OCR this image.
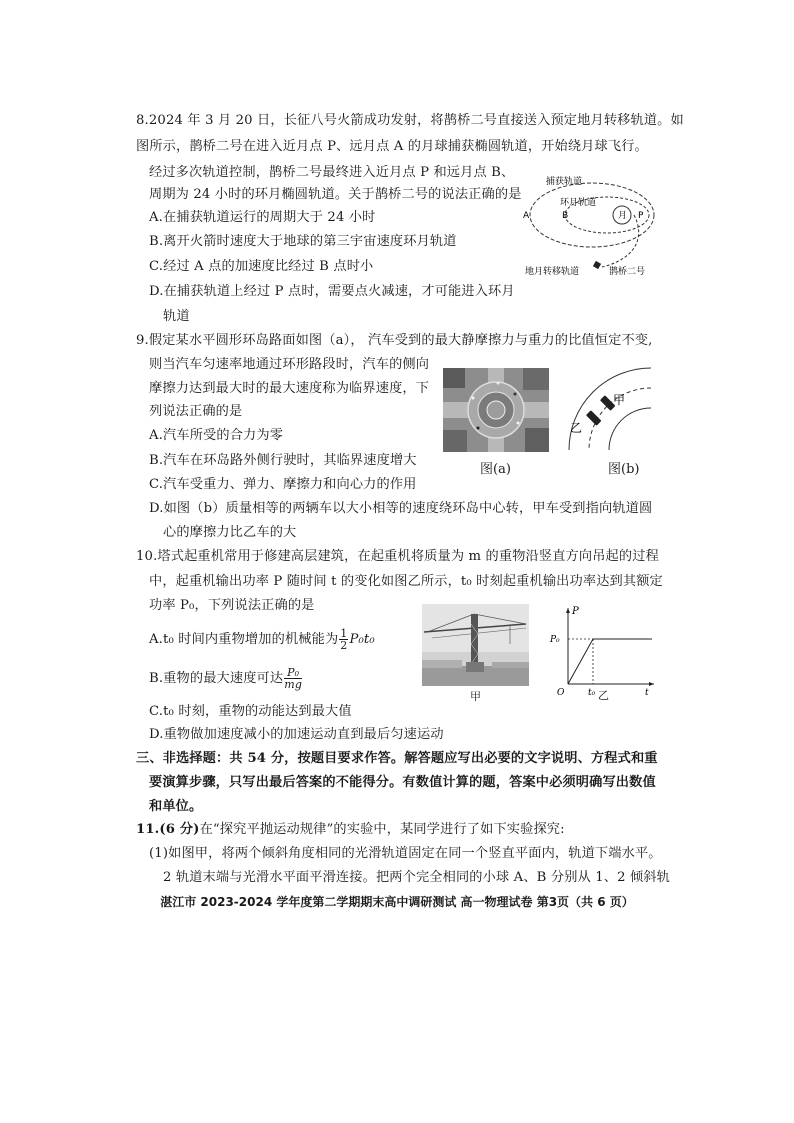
8.2024 年 3 月 20 日，长征八号火箭成功发射，将鹊桥二号直接送入预定地月转移轨道。如
图所示，鹊桥二号在进入近月点 P、远月点 A 的月球捕获椭圆轨道，开始绕月球飞行。
经过多次轨道控制，鹊桥二号最终进入近月点 P 和远月点 B、
周期为 24 小时的环月椭圆轨道。关于鹊桥二号的说法正确的是
A.在捕获轨道运行的周期大于 24 小时
B.离开火箭时速度大于地球的第三宇宙速度环月轨道
C.经过 A 点的加速度比经过 B 点时小
D.在捕获轨道上经过 P 点时，需要点火减速，才可能进入环月
轨道
捕获轨道
环月轨道
月
A	B	P
地月转移轨道	鹊桥二号
9.假定某水平圆形环岛路面如图（a）， 汽车受到的最大静摩擦力与重力的比值恒定不变,
则当汽车匀速率地通过环形路段时，汽车的侧向
摩擦力达到最大时的最大速度称为临界速度，下
列说法正确的是
A.汽车所受的合力为零
B.汽车在环岛路外侧行驶时，其临界速度增大
C.汽车受重力、弹力、摩擦力和向心力的作用
D.如图（b）质量相等的两辆车以大小相等的速度绕环岛中心转，甲车受到指向轨道圆
心的摩擦力比乙车的大
图(a)
甲
乙
图(b)
10.塔式起重机常用于修建高层建筑，在起重机将质量为 m 的重物沿竖直方向吊起的过程
中，起重机输出功率 P 随时间 t 的变化如图乙所示，t₀ 时刻起重机输出功率达到其额定
功率 P₀，下列说法正确的是
A.t₀ 时间内重物增加的机械能为 $\frac{1}{2} P_0t_0$
B.重物的最大速度可达 $\frac{\text{P₀}}{mg}$
C.t₀ 时刻，重物的动能达到最大值
D.重物做加速度减小的加速运动直到最后匀速运动
甲
P
P₀
O	t₀	t
乙
三、非选择题：共 54 分，按题目要求作答。解答题应写出必要的文字说明、方程式和重
要演算步骤，只写出最后答案的不能得分。有数值计算的题，答案中必须明确写出数值
和单位。
11.(6 分)在“探究平抛运动规律”的实验中，某同学进行了如下实验探究:
(1)如图甲，将两个倾斜角度相同的光滑轨道固定在同一个竖直平面内，轨道下端水平。
2 轨道末端与光滑水平面平滑连接。把两个完全相同的小球 A、B 分别从 1、2 倾斜轨
湛江市 2023-2024 学年度第二学期期末高中调研测试 高一物理试卷 第3页（共 6 页）
